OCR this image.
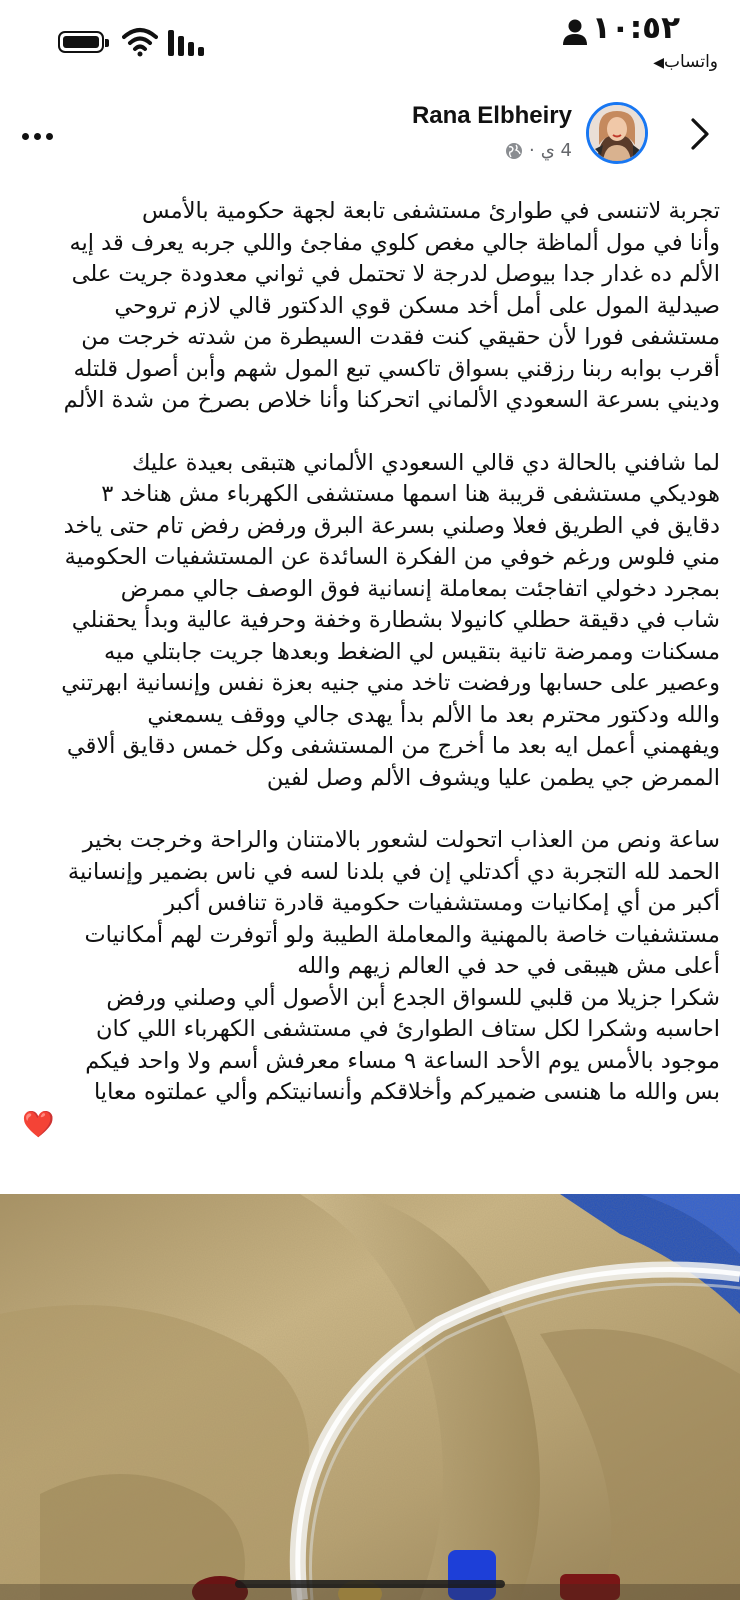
١٠:٥٢
واتساب◀
Rana Elbheiry
4 ي
·

تجربة لاتنسى في طوارئ مستشفى تابعة لجهة حكومية بالأمس
وأنا في مول ألماظة جالي مغص كلوي مفاجئ واللي جربه يعرف قد إيه
الألم ده غدار جدا بيوصل لدرجة لا تحتمل في ثواني معدودة جريت على
صيدلية المول على أمل أخد مسكن قوي الدكتور قالي لازم تروحي
مستشفى فورا لأن حقيقي كنت فقدت السيطرة من شدته خرجت من
أقرب بوابه ربنا رزقني بسواق تاكسي تبع المول شهم وأبن أصول قلتله
وديني بسرعة السعودي الألماني اتحركنا وأنا خلاص بصرخ من شدة الألم

لما شافني بالحالة دي قالي السعودي الألماني هتبقى بعيدة عليك
هوديكي مستشفى قريبة هنا اسمها مستشفى الكهرباء مش هناخد ٣
دقايق في الطريق فعلا وصلني بسرعة البرق ورفض رفض تام حتى ياخد
مني فلوس ورغم خوفي من الفكرة السائدة عن المستشفيات الحكومية
بمجرد دخولي اتفاجئت بمعاملة إنسانية فوق الوصف جالي ممرض
شاب في دقيقة حطلي كانيولا بشطارة وخفة وحرفية عالية وبدأ يحقنلي
مسكنات وممرضة تانية بتقيس لي الضغط وبعدها جريت جابتلي ميه
وعصير على حسابها ورفضت تاخد مني جنيه بعزة نفس وإنسانية ابهرتني
والله ودكتور محترم بعد ما الألم بدأ يهدى جالي ووقف يسمعني
ويفهمني أعمل ايه بعد ما أخرج من المستشفى وكل خمس دقايق ألاقي
الممرض جي يطمن عليا ويشوف الألم وصل لفين

ساعة ونص من العذاب اتحولت لشعور بالامتنان والراحة وخرجت بخير
الحمد لله التجربة دي أكدتلي إن في بلدنا لسه في ناس بضمير وإنسانية
أكبر من أي إمكانيات ومستشفيات حكومية قادرة تنافس أكبر
مستشفيات خاصة بالمهنية والمعاملة الطيبة ولو أتوفرت لهم أمكانيات
أعلى مش هيبقى في حد في العالم زيهم والله
شكرا جزيلا من قلبي للسواق الجدع أبن الأصول ألي وصلني ورفض
احاسبه وشكرا لكل ستاف الطوارئ في مستشفى الكهرباء اللي كان
موجود بالأمس يوم الأحد الساعة ٩ مساء معرفش أسم ولا واحد فيكم
بس والله ما هنسى ضميركم وأخلاقكم وأنسانيتكم وألي عملتوه معايا

❤️
